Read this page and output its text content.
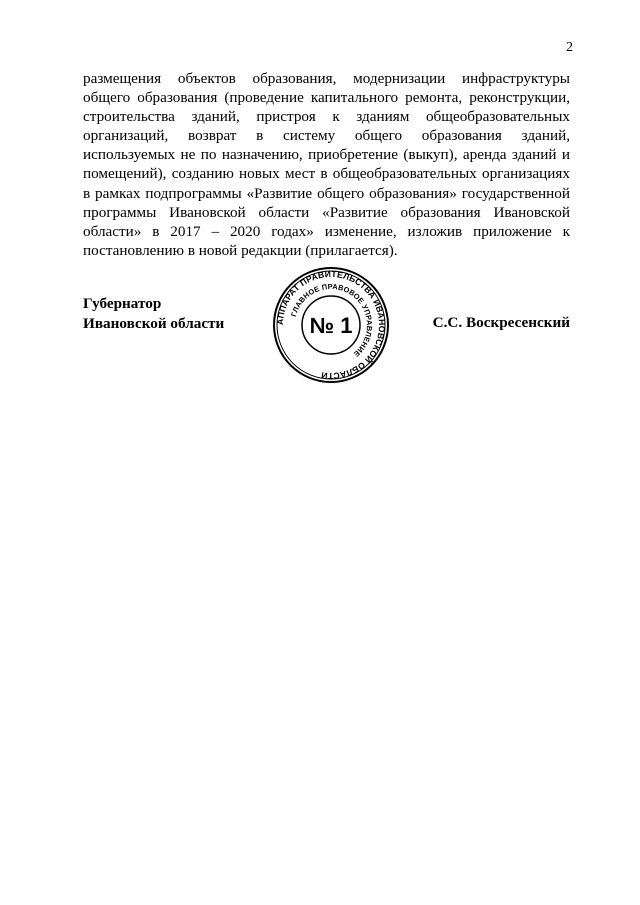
2
размещения объектов образования, модернизации инфраструктуры
общего образования (проведение капитального ремонта, реконструкции,
строительства зданий, пристроя к зданиям общеобразовательных
организаций, возврат в систему общего образования зданий,
используемых не по назначению, приобретение (выкуп), аренда зданий и
помещений), созданию новых мест в общеобразовательных организациях
в рамках подпрограммы «Развитие общего образования» государственной
программы Ивановской области «Развитие образования Ивановской
области» в 2017 – 2020 годах» изменение, изложив приложение к
постановлению в новой редакции (прилагается).
Губернатор
Ивановской области	АППАРАТ ПРАВИТЕЛЬСТВА ИВАНОВСКОЙ ОБЛАСТИ
ГЛАВНОЕ ПРАВОВОЕ УПРАВЛЕНИЕ
№ 1	С.С. Воскресенский
